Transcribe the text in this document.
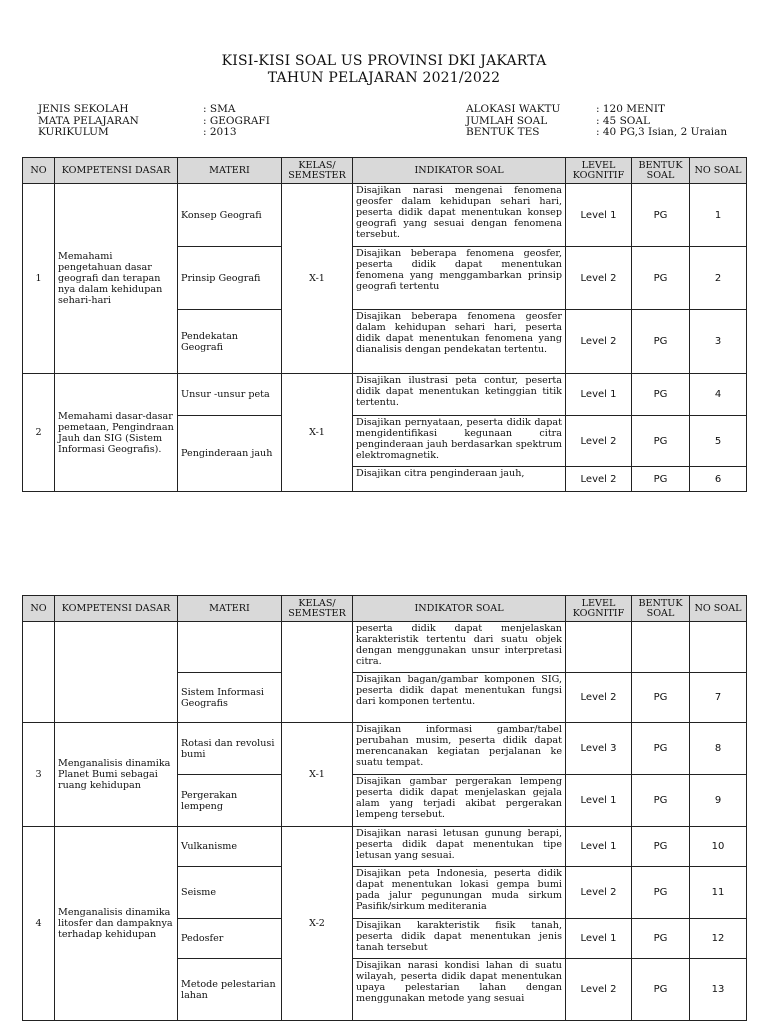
KISI-KISI SOAL US PROVINSI DKI JAKARTA
TAHUN PELAJARAN 2021/2022
JENIS SEKOLAH	: SMA
MATA PELAJARAN	: GEOGRAFI
KURIKULUM	: 2013
ALOKASI WAKTU	: 120 MENIT
JUMLAH SOAL	: 45 SOAL
BENTUK TES	: 40 PG,3 Isian, 2 Uraian
NO	KOMPETENSI DASAR	MATERI	KELAS/ SEMESTER	INDIKATOR SOAL	LEVEL KOGNITIF	BENTUK SOAL	NO SOAL
1	Memahami pengetahuan dasar geografi dan terapan nya dalam kehidupan sehari-hari	Konsep Geografi	X-1	Disajikan narasi mengenai fenomena geosfer dalam kehidupan sehari hari, peserta didik dapat menentukan konsep geografi yang sesuai dengan fenomena tersebut.	Level 1	PG	1
		Prinsip Geografi		Disajikan beberapa fenomena geosfer, peserta didik dapat menentukan fenomena yang menggambarkan prinsip geografi tertentu	Level 2	PG	2
		Pendekatan Geografi		Disajikan beberapa fenomena geosfer dalam kehidupan sehari hari, peserta didik dapat menentukan fenomena yang dianalisis dengan pendekatan tertentu.	Level 2	PG	3
2	Memahami dasar-dasar pemetaan, Pengindraan Jauh dan SIG (Sistem Informasi Geografis).	Unsur -unsur peta	X-1	Disajikan ilustrasi peta contur, peserta didik dapat menentukan ketinggian titik tertentu.	Level 1	PG	4
		Penginderaan jauh		Disajikan pernyataan, peserta didik dapat mengidentifikasi kegunaan citra penginderaan jauh berdasarkan spektrum elektromagnetik.	Level 2	PG	5
				Disajikan citra penginderaan jauh,	Level 2	PG	6
NO	KOMPETENSI DASAR	MATERI	KELAS/ SEMESTER	INDIKATOR SOAL	LEVEL KOGNITIF	BENTUK SOAL	NO SOAL
				peserta didik dapat menjelaskan karakteristik tertentu dari suatu objek dengan menggunakan unsur interpretasi citra.			
		Sistem Informasi Geografis		Disajikan bagan/gambar komponen SIG, peserta didik dapat menentukan fungsi dari komponen tertentu.	Level 2	PG	7
3	Menganalisis dinamika Planet Bumi sebagai ruang kehidupan	Rotasi dan revolusi bumi	X-1	Disajikan informasi gambar/tabel perubahan musim, peserta didik dapat merencanakan kegiatan perjalanan ke suatu tempat.	Level 3	PG	8
		Pergerakan lempeng		Disajikan gambar pergerakan lempeng peserta didik dapat menjelaskan gejala alam yang terjadi akibat pergerakan lempeng tersebut.	Level 1	PG	9
4	Menganalisis dinamika litosfer dan dampaknya terhadap kehidupan	Vulkanisme	X-2	Disajikan narasi letusan gunung berapi, peserta didik dapat menentukan tipe letusan yang sesuai.	Level 1	PG	10
		Seisme		Disajikan peta Indonesia, peserta didik dapat menentukan lokasi gempa bumi pada jalur pegunungan muda sirkum Pasifik/sirkum mediterania	Level 2	PG	11
		Pedosfer		Disajikan karakteristik fisik tanah, peserta didik dapat menentukan jenis tanah tersebut	Level 1	PG	12
		Metode pelestarian lahan		Disajikan narasi kondisi lahan di suatu wilayah, peserta didik dapat menentukan upaya pelestarian lahan dengan menggunakan metode yang sesuai	Level 2	PG	13
